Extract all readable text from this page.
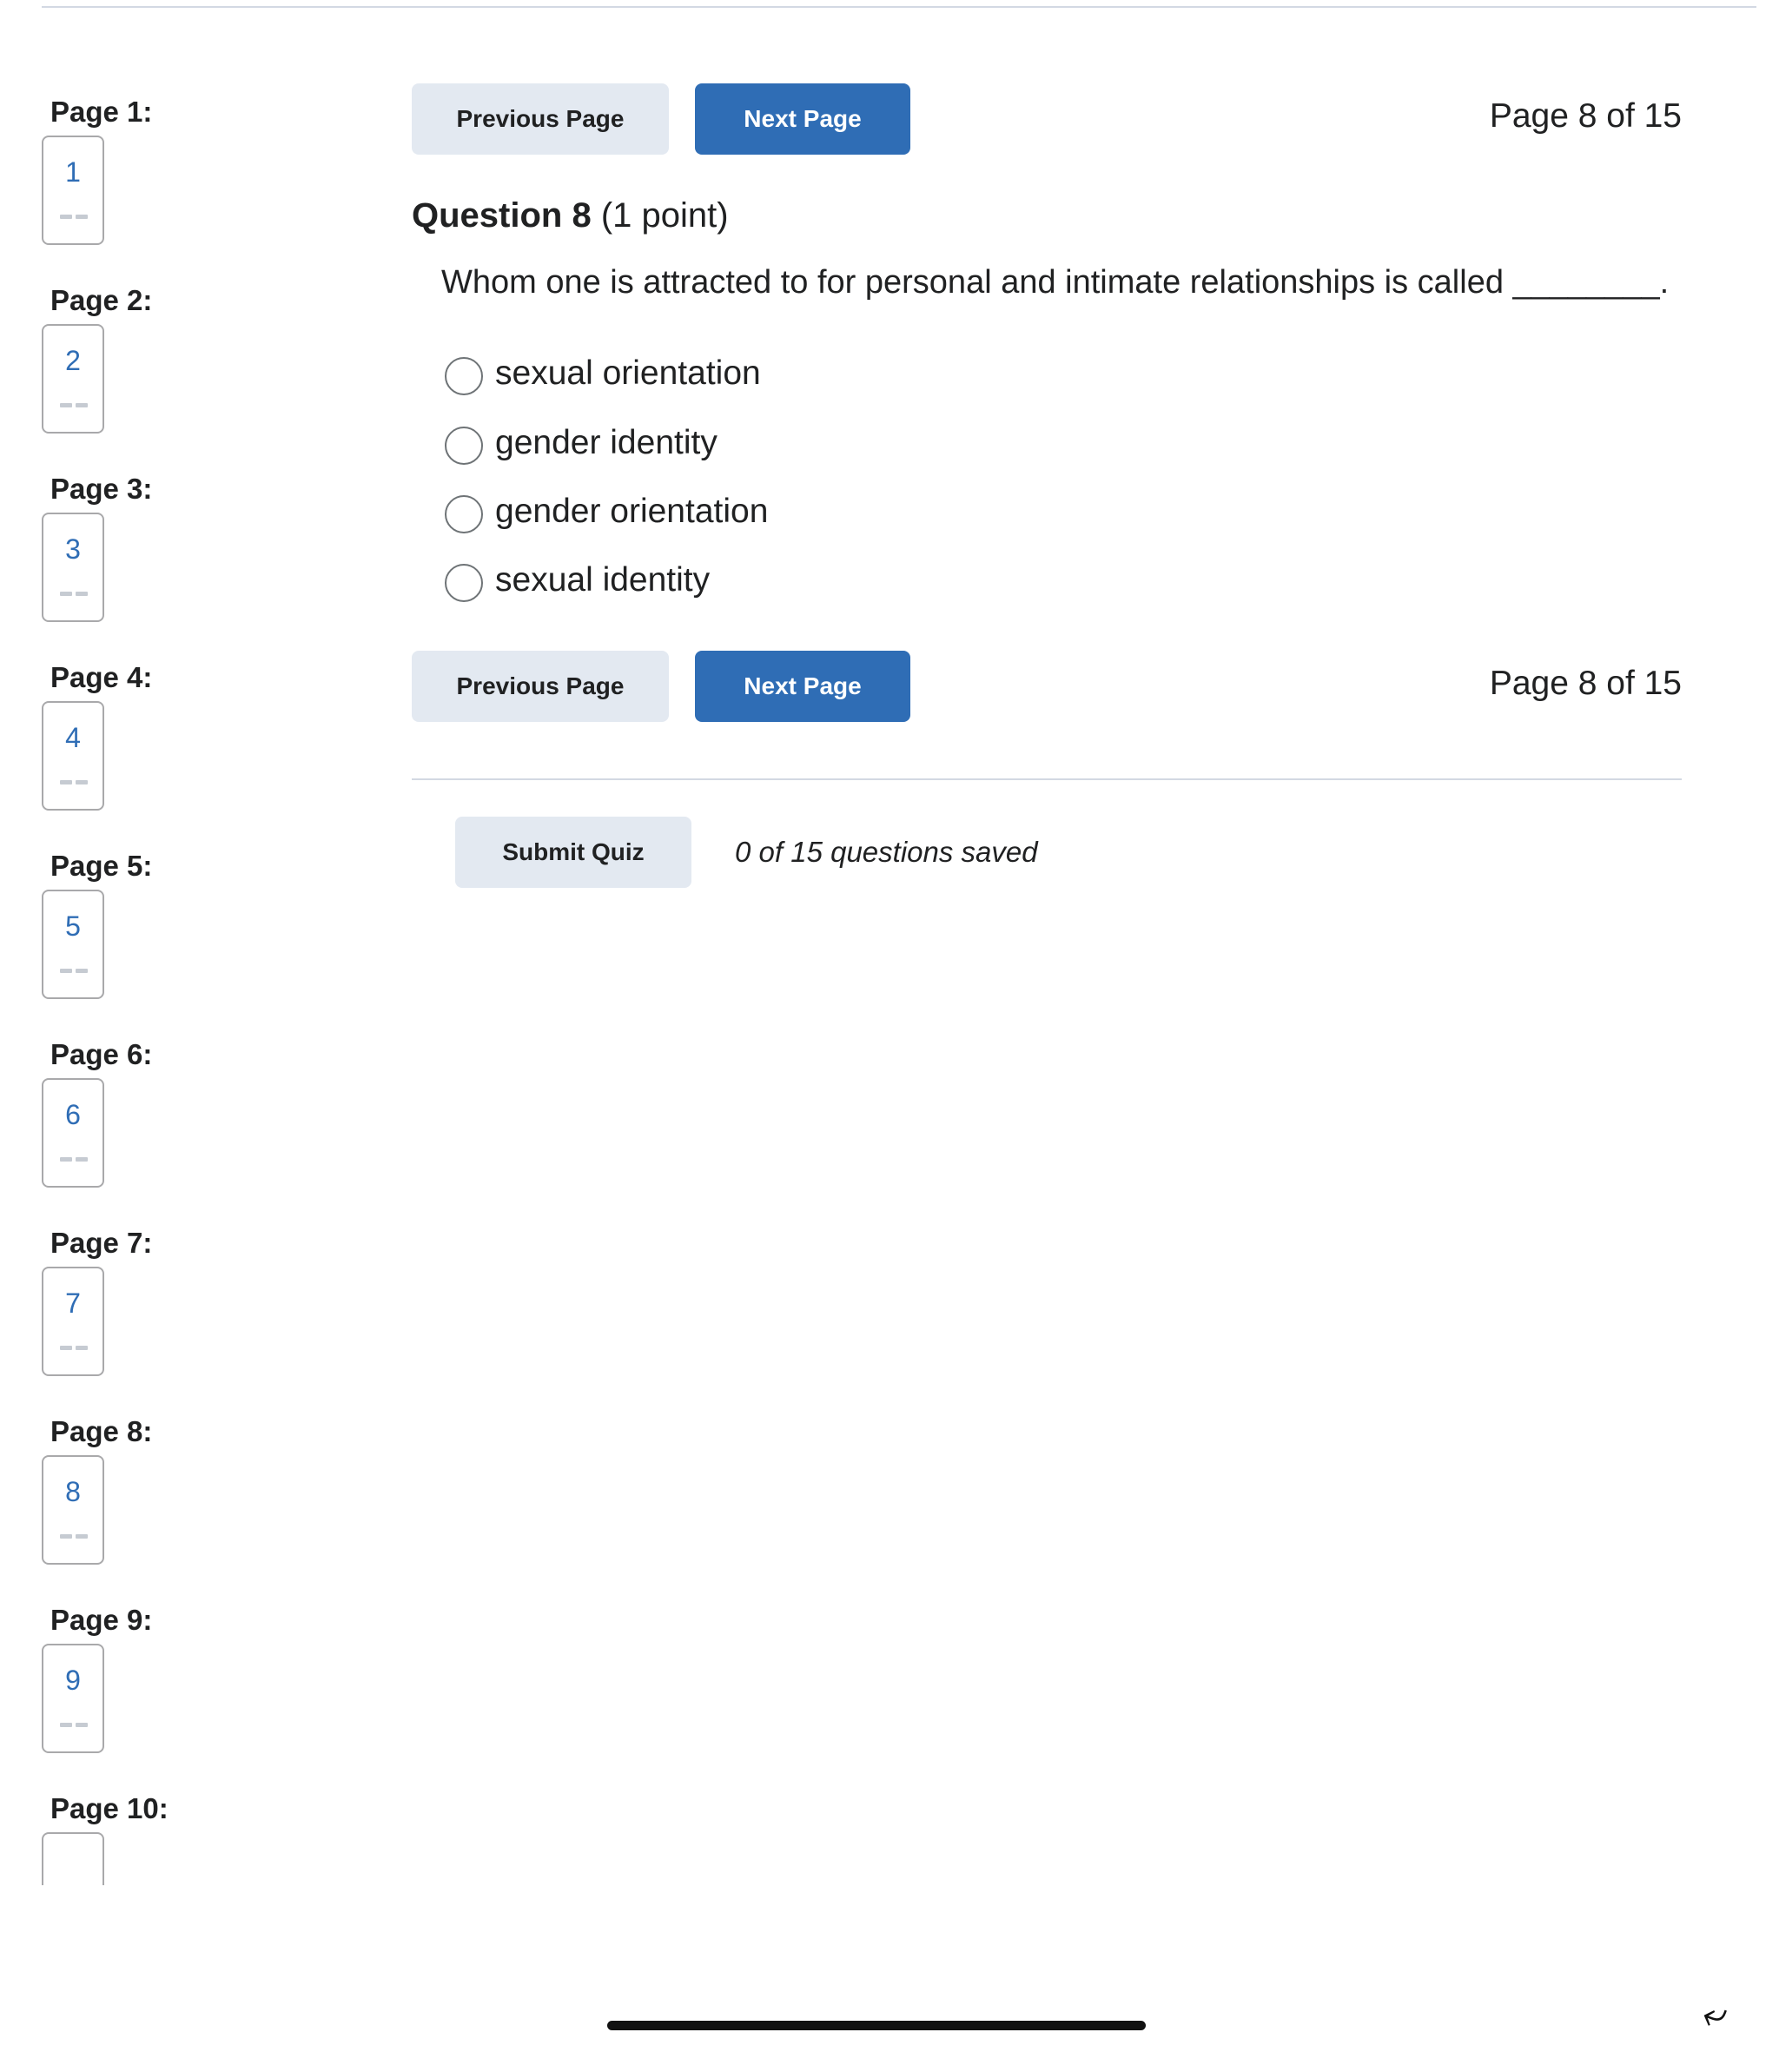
Page 1:
1
Page 2:
2
Page 3:
3
Page 4:
4
Page 5:
5
Page 6:
6
Page 7:
7
Page 8:
8
Page 9:
9
Page 10:
Previous Page	Next Page	Page 8 of 15
Question 8 (1 point)
Whom one is attracted to for personal and intimate relationships is called ________.
sexual orientation
gender identity
gender orientation
sexual identity
Previous Page	Next Page	Page 8 of 15
Submit Quiz	0 of 15 questions saved
⤶
